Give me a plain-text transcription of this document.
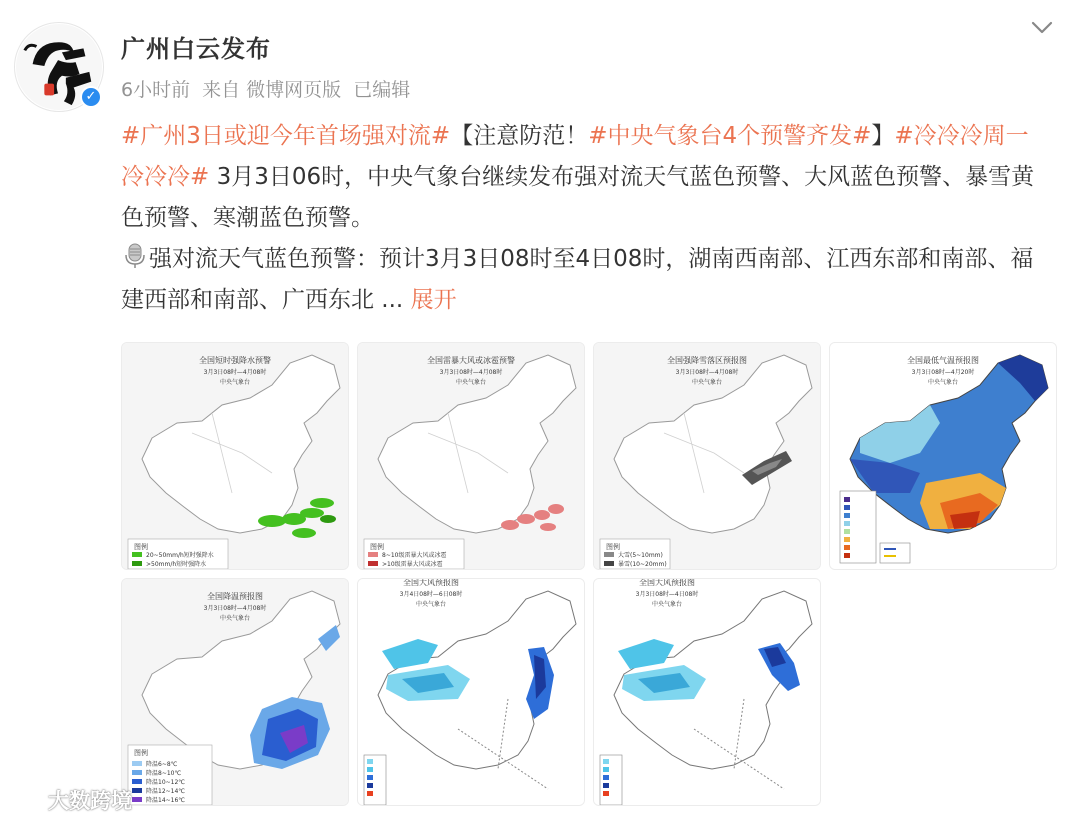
✓
广州白云发布
6小时前 来自 微博网页版 已编辑
#广州3日或迎今年首场强对流#【注意防范！#中央气象台4个预警齐发#】#冷冷冷周一冷冷冷# 3月3日06时，中央气象台继续发布强对流天气蓝色预警、大风蓝色预警、暴雪黄色预警、寒潮蓝色预警。
强对流天气蓝色预警：预计3月3日08时至4日08时，湖南西南部、江西东部和南部、福建西部和南部、广西东北 ... 展开
全国短时强降水预警
3月3日08时—4月08时
中央气象台
图例
20~50mm/h短时强降水
>50mm/h短时强降水
全国雷暴大风或冰雹预警
3月3日08时—4月08时
中央气象台
图例
8~10级雷暴大风或冰雹
>10级雷暴大风或冰雹
全国强降雪落区预报图
3月3日08时—4月08时
中央气象台
图例
大雪(5~10mm)
暴雪(10~20mm)
全国最低气温预报图
3月3日08时—4月20时
中央气象台
全国降温预报图
3月3日08时—4月08时
中央气象台
图例
降温6~8℃
降温8~10℃
降温10~12℃
降温12~14℃
降温14~16℃
全国大风预报图
3月4日08时—6日08时
中央气象台
全国大风预报图
3月3日08时—4日08时
中央气象台
大数跨境
